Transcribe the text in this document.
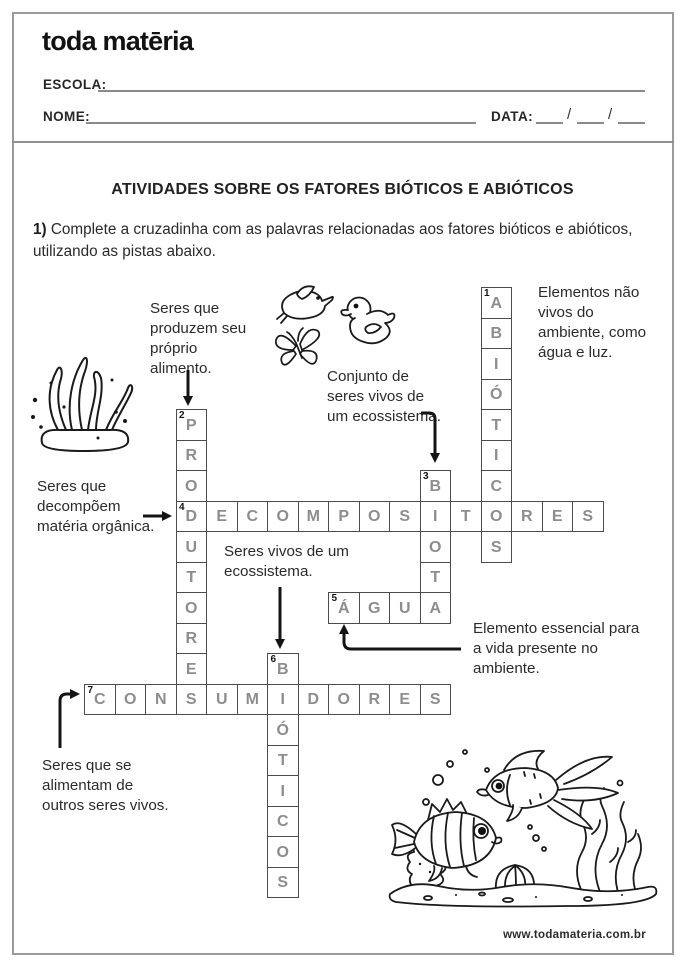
toda matēria
ESCOLA:
NOME:	DATA: / /
ATIVIDADES SOBRE OS FATORES BIÓTICOS E ABIÓTICOS
1) Complete a cruzadinha com as palavras relacionadas aos fatores bióticos e abióticos, utilizando as pistas abaixo.
Elementos não vivos do ambiente, como água e luz.
Seres que produzem seu próprio alimento.	Conjunto de seres vivos de um ecossistema.
Seres que decompõem matéria orgânica.
Elemento essencial para a vida presente no ambiente.
Seres vivos de um ecossistema.
Seres que se alimentam de outros seres vivos.
1
A
B
I
Ó
T
I
C
O
S
2
P
R
O
4
D
U
T
O
R
E
S
3
B
I
O
T
A
E C O M P O S	T	R E S
5
Á G U
6
B
I
Ó
T
I
C
O
S
7
C O N	U M	D O R E S
www.todamateria.com.br
